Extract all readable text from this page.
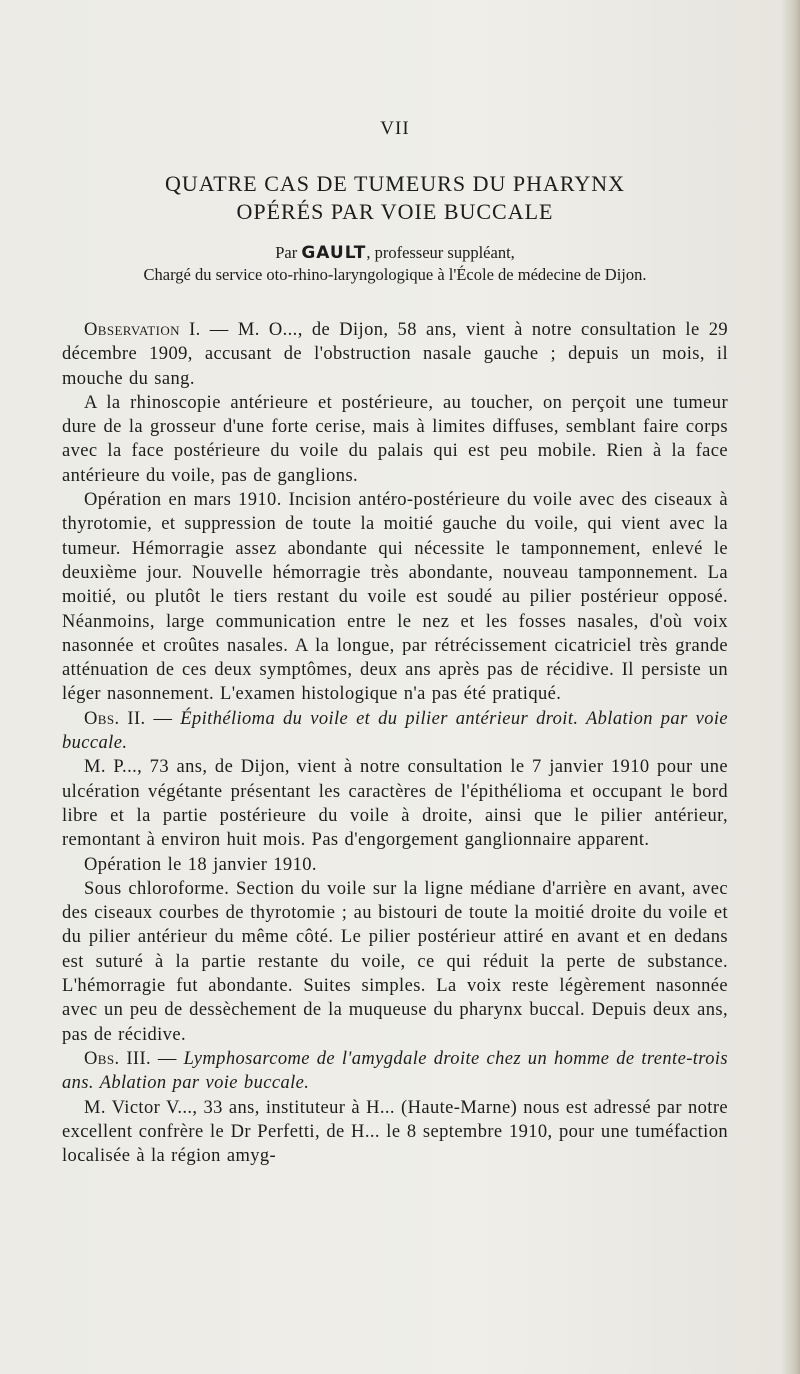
VII
QUATRE CAS DE TUMEURS DU PHARYNX
OPÉRÉS PAR VOIE BUCCALE
Par GAULT, professeur suppléant,
Chargé du service oto-rhino-laryngologique à l'École de médecine de Dijon.

Observation I. — M. O..., de Dijon, 58 ans, vient à notre consultation le 29 décembre 1909, accusant de l'obstruction nasale gauche ; depuis un mois, il mouche du sang.

A la rhinoscopie antérieure et postérieure, au toucher, on perçoit une tumeur dure de la grosseur d'une forte cerise, mais à limites diffuses, semblant faire corps avec la face postérieure du voile du palais qui est peu mobile. Rien à la face antérieure du voile, pas de ganglions.

Opération en mars 1910. Incision antéro-postérieure du voile avec des ciseaux à thyrotomie, et suppression de toute la moitié gauche du voile, qui vient avec la tumeur. Hémorragie assez abondante qui nécessite le tamponnement, enlevé le deuxième jour. Nouvelle hémorragie très abondante, nouveau tamponnement. La moitié, ou plutôt le tiers restant du voile est soudé au pilier postérieur opposé. Néanmoins, large communication entre le nez et les fosses nasales, d'où voix nasonnée et croûtes nasales. A la longue, par rétrécissement cicatriciel très grande atténuation de ces deux symptômes, deux ans après pas de récidive. Il persiste un léger nasonnement. L'examen histologique n'a pas été pratiqué.

Obs. II. — Épithélioma du voile et du pilier antérieur droit. Ablation par voie buccale.

M. P..., 73 ans, de Dijon, vient à notre consultation le 7 janvier 1910 pour une ulcération végétante présentant les caractères de l'épithélioma et occupant le bord libre et la partie postérieure du voile à droite, ainsi que le pilier antérieur, remontant à environ huit mois. Pas d'engorgement ganglionnaire apparent.

Opération le 18 janvier 1910.

Sous chloroforme. Section du voile sur la ligne médiane d'arrière en avant, avec des ciseaux courbes de thyrotomie ; au bistouri de toute la moitié droite du voile et du pilier antérieur du même côté. Le pilier postérieur attiré en avant et en dedans est suturé à la partie restante du voile, ce qui réduit la perte de substance. L'hémorragie fut abondante. Suites simples. La voix reste légèrement nasonnée avec un peu de dessèchement de la muqueuse du pharynx buccal. Depuis deux ans, pas de récidive.

Obs. III. — Lymphosarcome de l'amygdale droite chez un homme de trente-trois ans. Ablation par voie buccale.

M. Victor V..., 33 ans, instituteur à H... (Haute-Marne) nous est adressé par notre excellent confrère le Dr Perfetti, de H... le 8 septembre 1910, pour une tuméfaction localisée à la région amyg-
